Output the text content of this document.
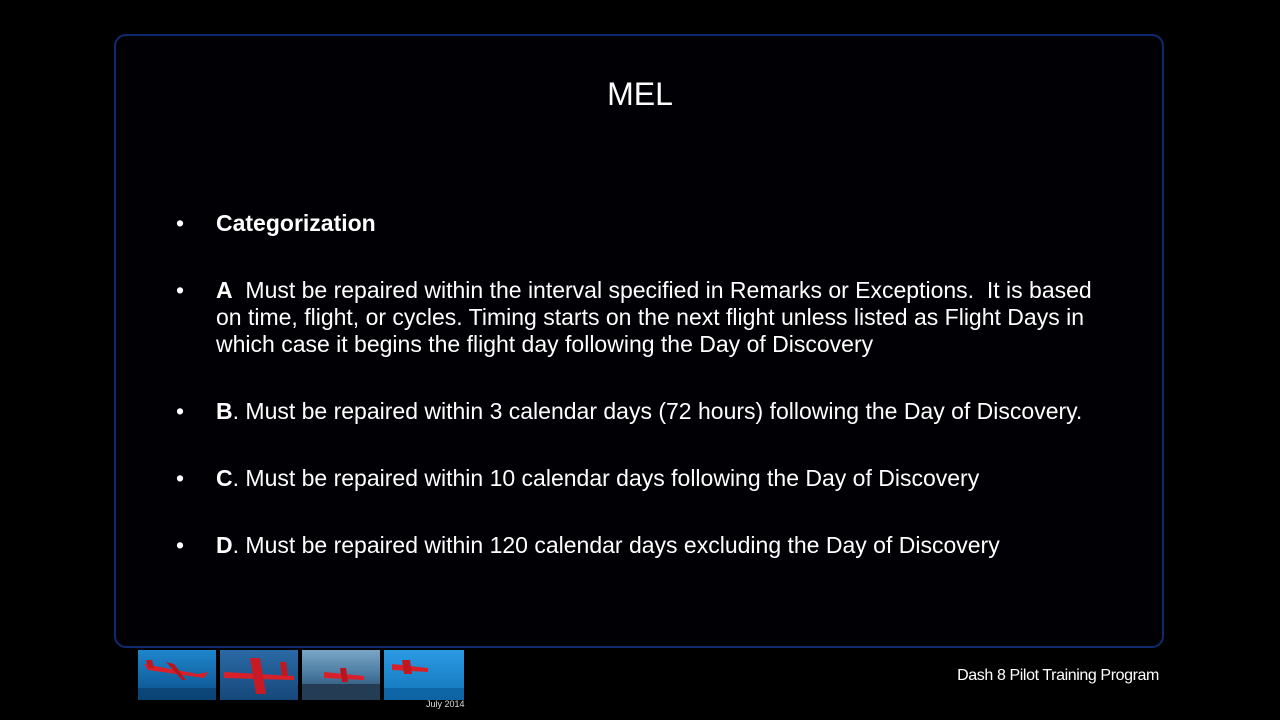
MEL
•	Categorization
•	A  Must be repaired within the interval specified in Remarks or Exceptions.  It is based on time, flight, or cycles. Timing starts on the next flight unless listed as Flight Days in which case it begins the flight day following the Day of Discovery
•	B. Must be repaired within 3 calendar days (72 hours) following the Day of Discovery.
•	C. Must be repaired within 10 calendar days following the Day of Discovery
•	D. Must be repaired within 120 calendar days excluding the Day of Discovery
July 2014
Dash 8 Pilot Training Program
